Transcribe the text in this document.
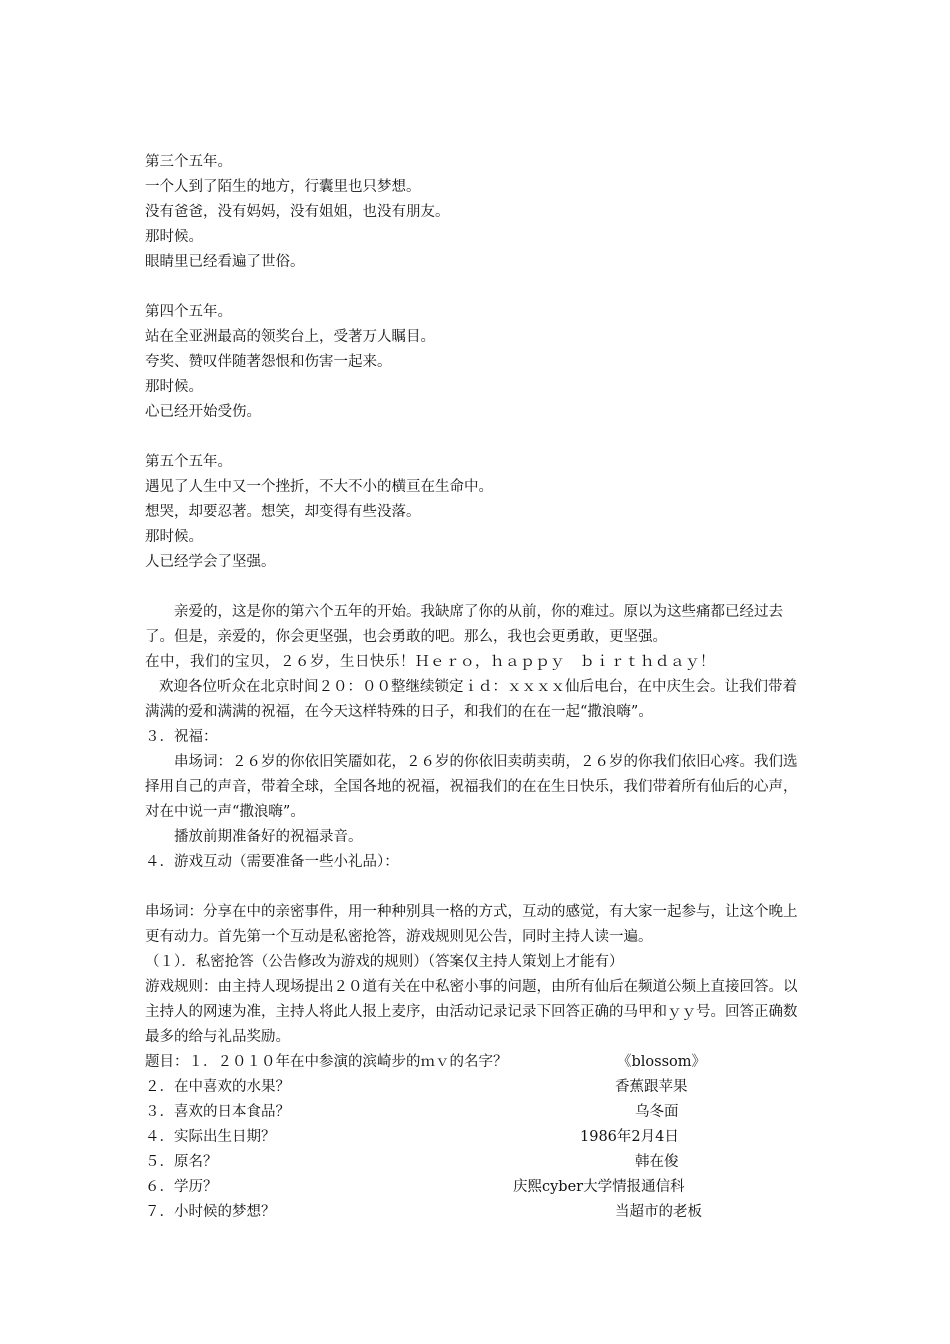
第三个五年。
一个人到了陌生的地方，行囊里也只梦想。
没有爸爸，没有妈妈，没有姐姐，也没有朋友。
那时候。
眼睛里已经看遍了世俗。
第四个五年。
站在全亚洲最高的领奖台上，受著万人瞩目。
夸奖、赞叹伴随著怨恨和伤害一起来。
那时候。
心已经开始受伤。
第五个五年。
遇见了人生中又一个挫折，不大不小的横亘在生命中。
想哭，却要忍著。想笑，却变得有些没落。
那时候。
人已经学会了坚强。
亲爱的，这是你的第六个五年的开始。我缺席了你的从前，你的难过。原以为这些痛都已经过去了。但是，亲爱的，你会更坚强，也会勇敢的吧。那么，我也会更勇敢，更坚强。
在中，我们的宝贝，２６岁，生日快乐！Ｈｅｒｏ，ｈａｐｐｙ　ｂｉｒｔｈｄａｙ！
欢迎各位听众在北京时间２０：００整继续锁定ｉｄ：ｘｘｘｘ仙后电台，在中庆生会。让我们带着满满的爱和满满的祝福，在今天这样特殊的日子，和我们的在在一起“撒浪嗨”。
３．祝福：
串场词：２６岁的你依旧笑靥如花，２６岁的你依旧卖萌卖萌，２６岁的你我们依旧心疼。我们选择用自己的声音，带着全球，全国各地的祝福，祝福我们的在在生日快乐，我们带着所有仙后的心声，对在中说一声“撒浪嗨”。
播放前期准备好的祝福录音。
４．游戏互动（需要准备一些小礼品）：
串场词：分享在中的亲密事件，用一种种别具一格的方式，互动的感觉，有大家一起参与，让这个晚上更有动力。首先第一个互动是私密抢答，游戏规则见公告，同时主持人读一遍。
（１）．私密抢答（公告修改为游戏的规则）（答案仅主持人策划上才能有）
游戏规则：由主持人现场提出２０道有关在中私密小事的问题，由所有仙后在频道公频上直接回答。以主持人的网速为准，主持人将此人报上麦序，由活动记录记录下回答正确的马甲和ｙｙ号。回答正确数最多的给与礼品奖励。
题目：１．２０１０年在中参演的滨崎步的ｍｖ的名字？	《blossom》
２．在中喜欢的水果？	香蕉跟苹果
３．喜欢的日本食品？	乌冬面
４．实际出生日期？	1986年2月4日
５．原名？	韩在俊
６．学历？	庆熙cyber大学情报通信科
７．小时候的梦想？	当超市的老板
